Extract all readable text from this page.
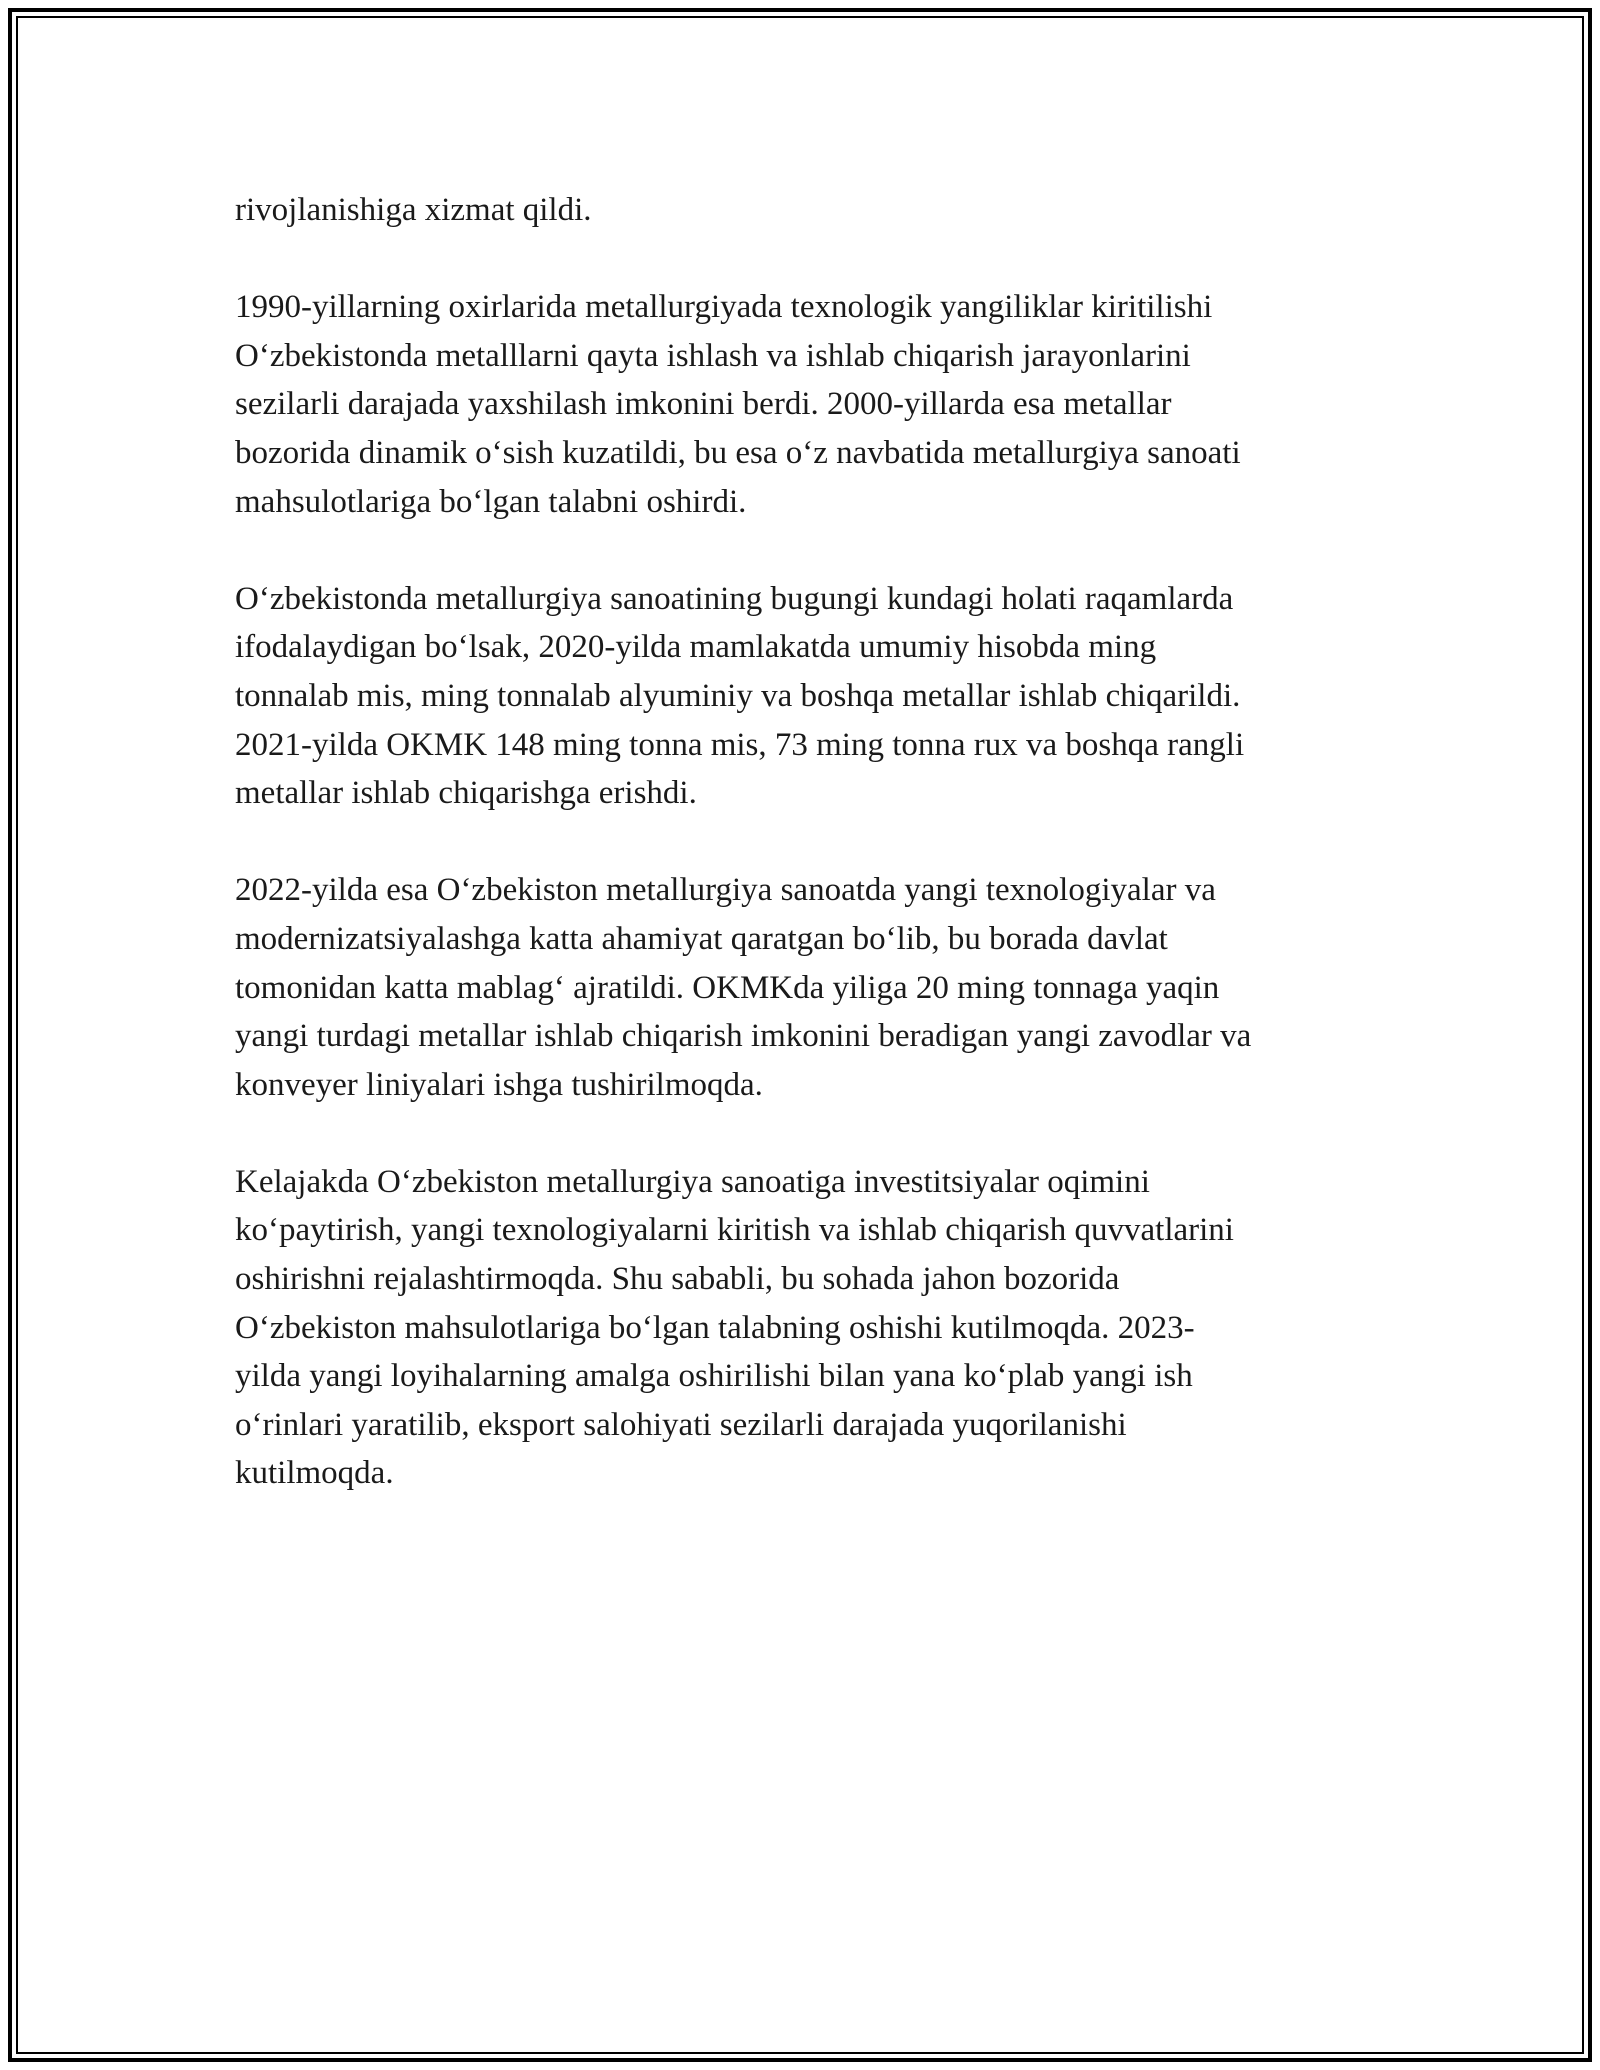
rivojlanishiga xizmat qildi.

1990-yillarning oxirlarida metallurgiyada texnologik yangiliklar kiritilishi
O‘zbekistonda metalllarni qayta ishlash va ishlab chiqarish jarayonlarini
sezilarli darajada yaxshilash imkonini berdi. 2000-yillarda esa metallar
bozorida dinamik o‘sish kuzatildi, bu esa o‘z navbatida metallurgiya sanoati
mahsulotlariga bo‘lgan talabni oshirdi.

O‘zbekistonda metallurgiya sanoatining bugungi kundagi holati raqamlarda
ifodalaydigan bo‘lsak, 2020-yilda mamlakatda umumiy hisobda ming
tonnalab mis, ming tonnalab alyuminiy va boshqa metallar ishlab chiqarildi.
2021-yilda OKMK 148 ming tonna mis, 73 ming tonna rux va boshqa rangli
metallar ishlab chiqarishga erishdi.

2022-yilda esa O‘zbekiston metallurgiya sanoatda yangi texnologiyalar va
modernizatsiyalashga katta ahamiyat qaratgan bo‘lib, bu borada davlat
tomonidan katta mablag‘ ajratildi. OKMKda yiliga 20 ming tonnaga yaqin
yangi turdagi metallar ishlab chiqarish imkonini beradigan yangi zavodlar va
konveyer liniyalari ishga tushirilmoqda.

Kelajakda O‘zbekiston metallurgiya sanoatiga investitsiyalar oqimini
ko‘paytirish, yangi texnologiyalarni kiritish va ishlab chiqarish quvvatlarini
oshirishni rejalashtirmoqda. Shu sababli, bu sohada jahon bozorida
O‘zbekiston mahsulotlariga bo‘lgan talabning oshishi kutilmoqda. 2023-
yilda yangi loyihalarning amalga oshirilishi bilan yana ko‘plab yangi ish
o‘rinlari yaratilib, eksport salohiyati sezilarli darajada yuqorilanishi
kutilmoqda.
